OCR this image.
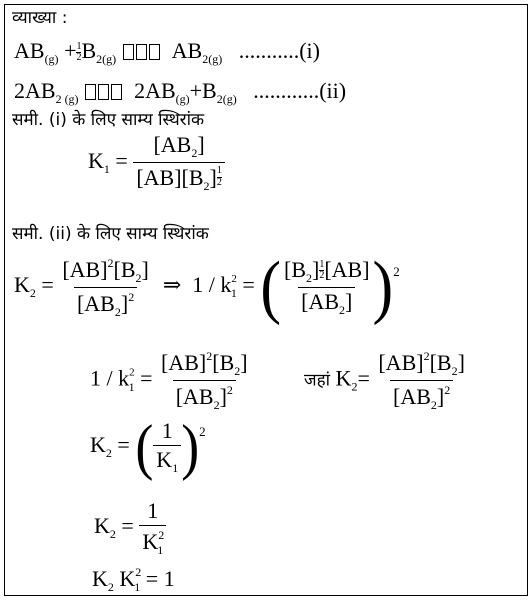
व्याख्या :
$AB_{(g)} + \frac{1}{2} B_{2(g)}$	$AB_{2(g)}$ ...........(i)
$2AB_{2 (g)}$	$2AB_{(g)}+B_{2(g)}$ ............(ii)
समी. (i) के लिए साम्य स्थिरांक
$K_1 = \frac{[AB_2]}{[AB][B_2] \frac{1}{2}}$
समी. (ii) के लिए साम्य स्थिरांक
$K_2 = \frac{[AB]^2[B_2]}{[AB_2]^2}$ ⇒ $1 / k^2_1$ = ( $\frac{[B_2] \frac{1}{2} [AB]}{[AB_2]} )^2$
$1 / k^2_1 = \frac{[AB]^2[B_2]}{[AB_2]^2}$	जहां $K_2= \frac{[AB]^2[B_2]}{[AB_2]^2}$
$K_2$ = ( $\frac{1}{K_1} )^2$
$K_2 = \frac{1}{K^2_1}$
$K_2$ $K^2_1 = 1$
